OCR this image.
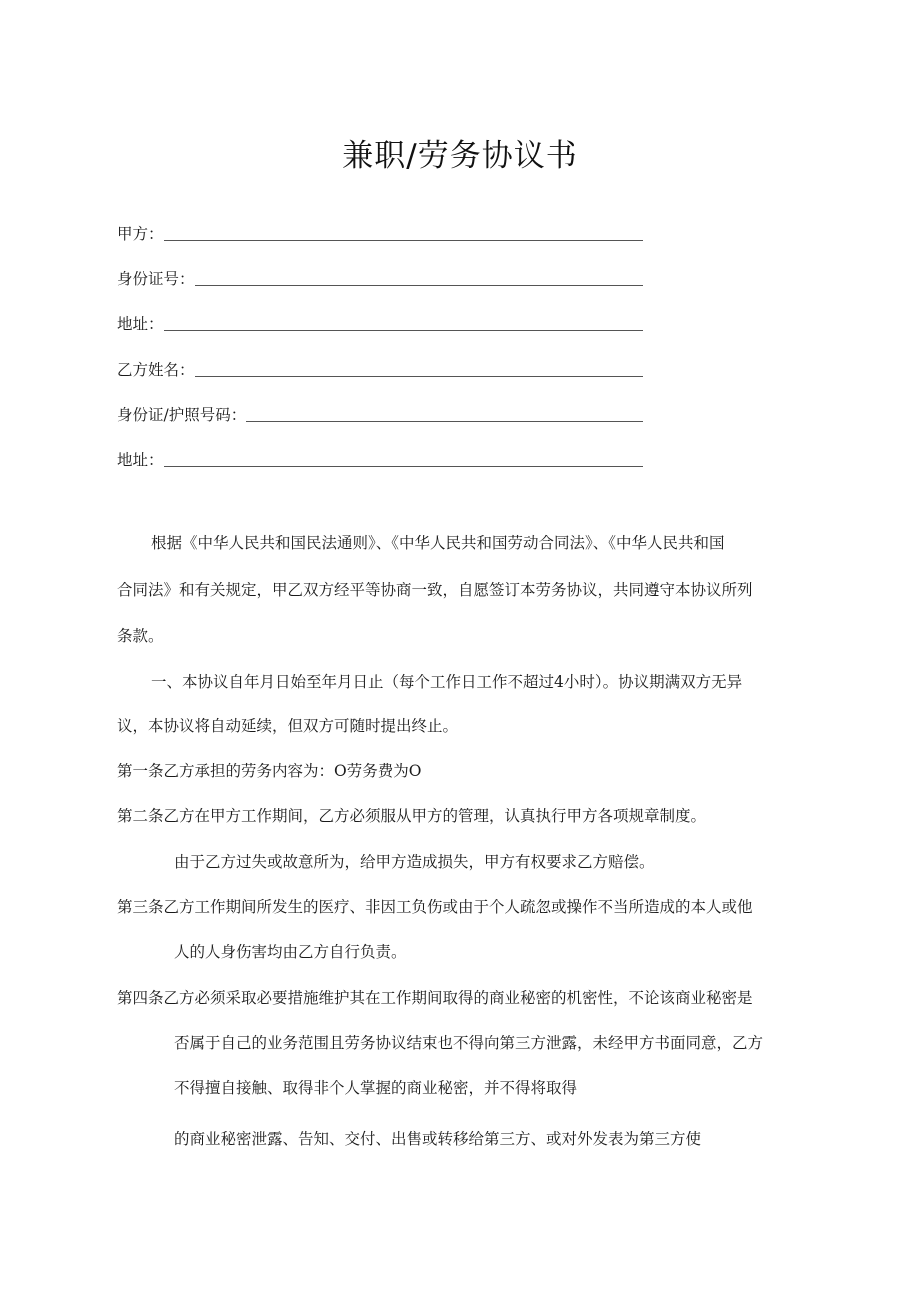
兼职/劳务协议书
甲方：
身份证号：
地址：
乙方姓名：
身份证/护照号码：
地址：
根据《中华人民共和国民法通则》、《中华人民共和国劳动合同法》、《中华人民共和国
合同法》和有关规定，甲乙双方经平等协商一致，自愿签订本劳务协议，共同遵守本协议所列
条款。
一、本协议自年月日始至年月日止（每个工作日工作不超过4小时）。协议期满双方无异
议，本协议将自动延续，但双方可随时提出终止。
第一条乙方承担的劳务内容为：O劳务费为O
第二条乙方在甲方工作期间，乙方必须服从甲方的管理，认真执行甲方各项规章制度。
由于乙方过失或故意所为，给甲方造成损失，甲方有权要求乙方赔偿。
第三条乙方工作期间所发生的医疗、非因工负伤或由于个人疏忽或操作不当所造成的本人或他
人的人身伤害均由乙方自行负责。
第四条乙方必须采取必要措施维护其在工作期间取得的商业秘密的机密性，不论该商业秘密是
否属于自己的业务范围且劳务协议结束也不得向第三方泄露，未经甲方书面同意，乙方
不得擅自接触、取得非个人掌握的商业秘密，并不得将取得
的商业秘密泄露、告知、交付、出售或转移给第三方、或对外发表为第三方使
